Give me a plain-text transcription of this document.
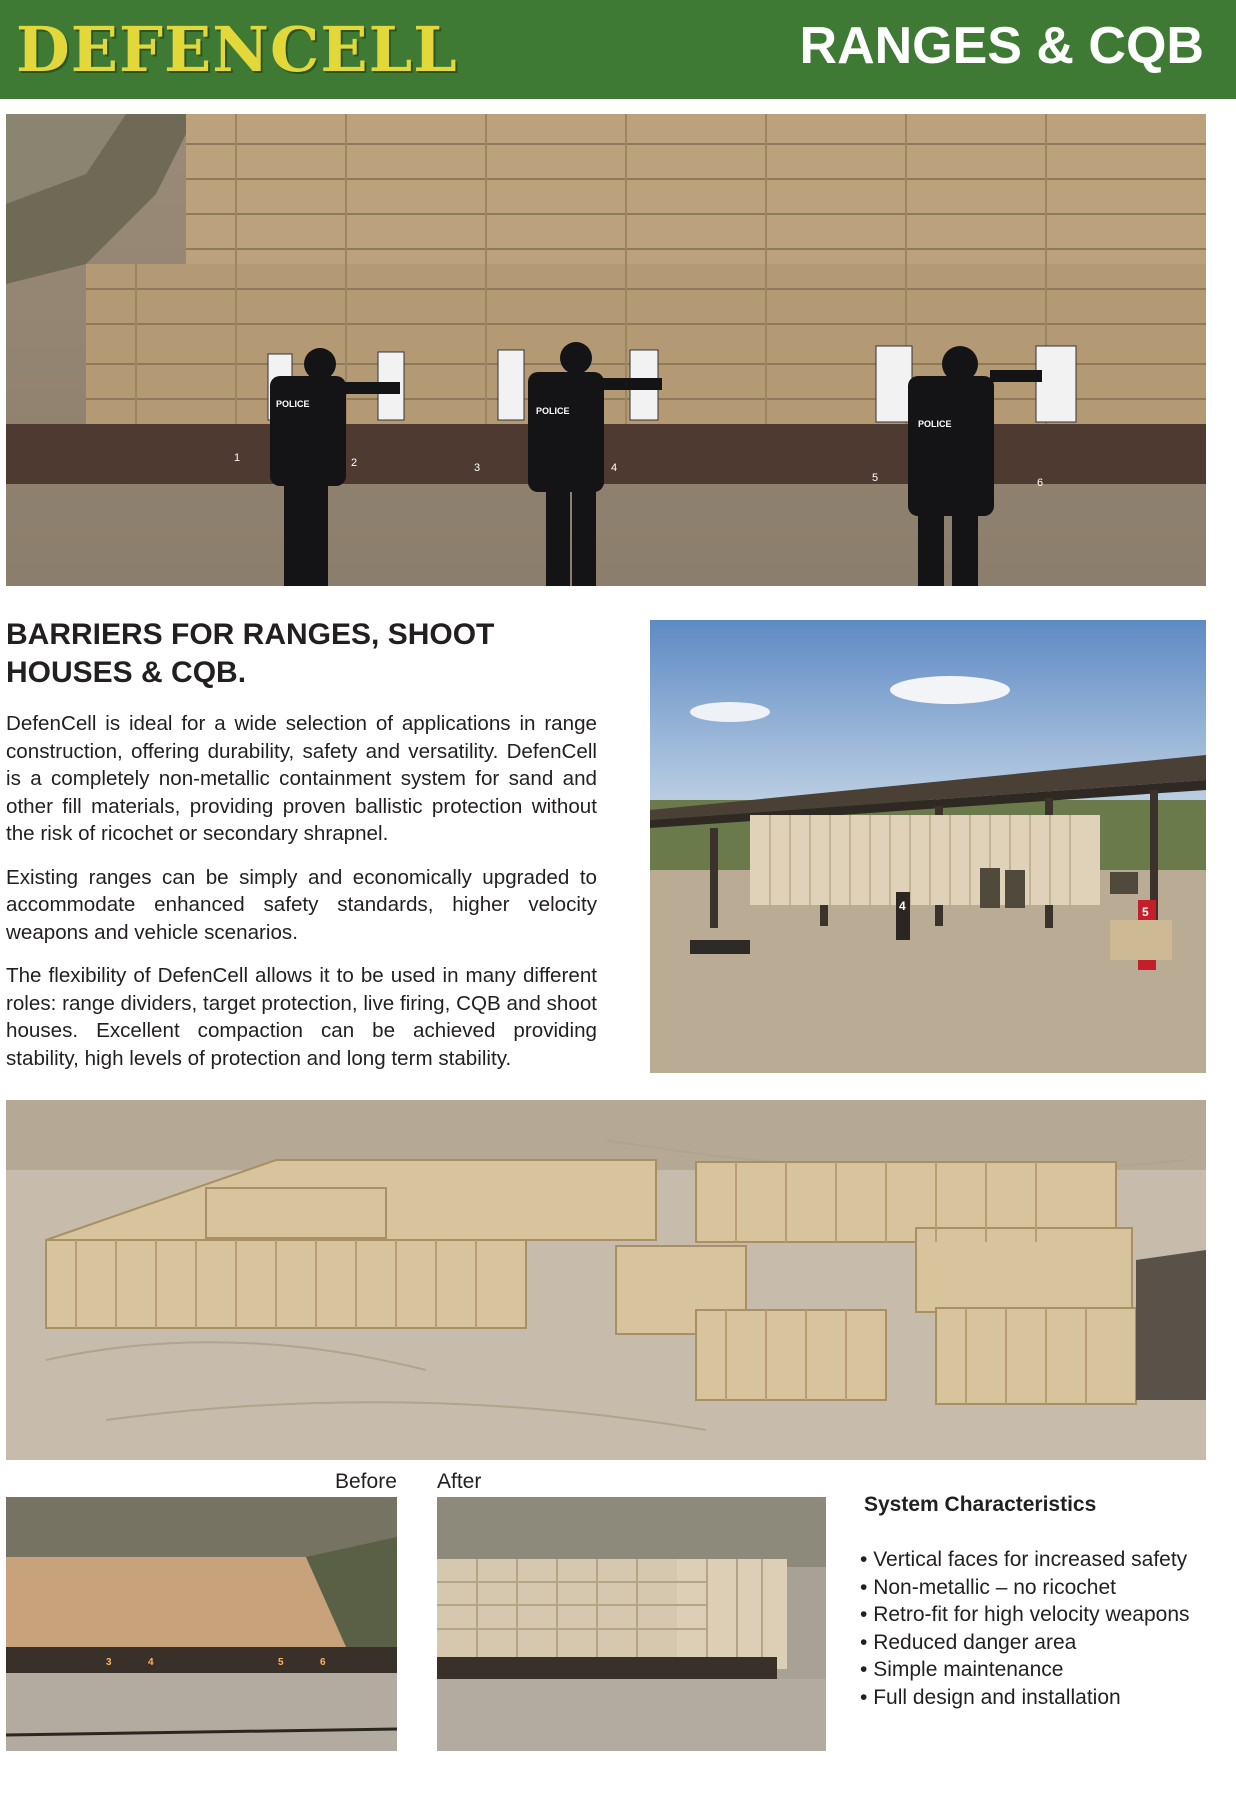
DEFENCELL	RANGES & CQB
1	2	3	4
5	6
POLICE
POLICE
POLICE
BARRIERS FOR RANGES, SHOOT HOUSES & CQB.

DefenCell is ideal for a wide selection of applications in range construction, offering durability, safety and versatility. DefenCell is a completely non-metallic containment system for sand and other fill materials, providing proven ballistic protection without the risk of ricochet or secondary shrapnel.

Existing ranges can be simply and economically upgraded to accommodate enhanced safety standards, higher velocity weapons and vehicle scenarios.

The flexibility of DefenCell allows it to be used in many different roles: range dividers, target protection, live firing, CQB and shoot houses. Excellent compaction can be achieved providing stability, high levels of protection and long term stability.

4	5
Before After
3	4	5	6
System Characteristics
• Vertical faces for increased safety
• Non-metallic – no ricochet
• Retro-fit for high velocity weapons
• Reduced danger area
• Simple maintenance
• Full design and installation
